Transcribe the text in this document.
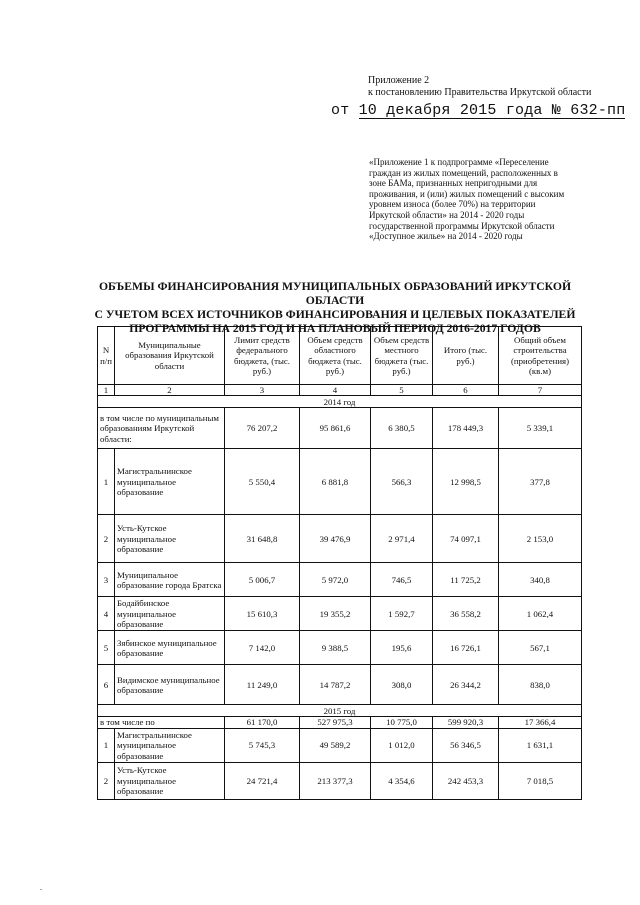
Приложение 2
к постановлению Правительства Иркутской области
от 10 декабря 2015 года № 632-пп
«Приложение 1 к подпрограмме «Переселение
граждан из жилых помещений, расположенных в
зоне БАМа, признанных непригодными для
проживания, и (или) жилых помещений с высоким
уровнем износа (более 70%) на территории
Иркутской области» на 2014 - 2020 годы
государственной программы Иркутской области
«Доступное жилье» на 2014 - 2020 годы
ОБЪЕМЫ ФИНАНСИРОВАНИЯ МУНИЦИПАЛЬНЫХ ОБРАЗОВАНИЙ ИРКУТСКОЙ ОБЛАСТИ
С УЧЕТОМ ВСЕХ ИСТОЧНИКОВ ФИНАНСИРОВАНИЯ И ЦЕЛЕВЫХ ПОКАЗАТЕЛЕЙ
ПРОГРАММЫ НА 2015 ГОД И НА ПЛАНОВЫЙ ПЕРИОД 2016-2017 ГОДОВ
N п/п	Муниципальные образования Иркутской области	Лимит средств федерального бюджета, (тыс. руб.)	Объем средств областного бюджета (тыс. руб.)	Объем средств местного бюджета (тыс. руб.)	Итого (тыс. руб.)	Общий объем строительства (приобретения) (кв.м)
1	2	3	4	5	6	7
2014 год						
в том числе по муниципальным образованиям Иркутской области:		76 207,2	95 861,6	6 380,5	178 449,3	5 339,1
1	Магистральнинское муниципальное образование	5 550,4	6 881,8	566,3	12 998,5	377,8
2	Усть-Кутское муниципальное образование	31 648,8	39 476,9	2 971,4	74 097,1	2 153,0
3	Муниципальное образование города Братска	5 006,7	5 972,0	746,5	11 725,2	340,8
4	Бодайбинское муниципальное образование	15 610,3	19 355,2	1 592,7	36 558,2	1 062,4
5	Зябинское муниципальное образование	7 142,0	9 388,5	195,6	16 726,1	567,1
6	Видимское муниципальное образование	11 249,0	14 787,2	308,0	26 344,2	838,0
2015 год						
в том числе по		61 170,0	527 975,3	10 775,0	599 920,3	17 366,4
1	Магистральнинское муниципальное образование	5 745,3	49 589,2	1 012,0	56 346,5	1 631,1
2	Усть-Кутское муниципальное образование	24 721,4	213 377,3	4 354,6	242 453,3	7 018,5
.
